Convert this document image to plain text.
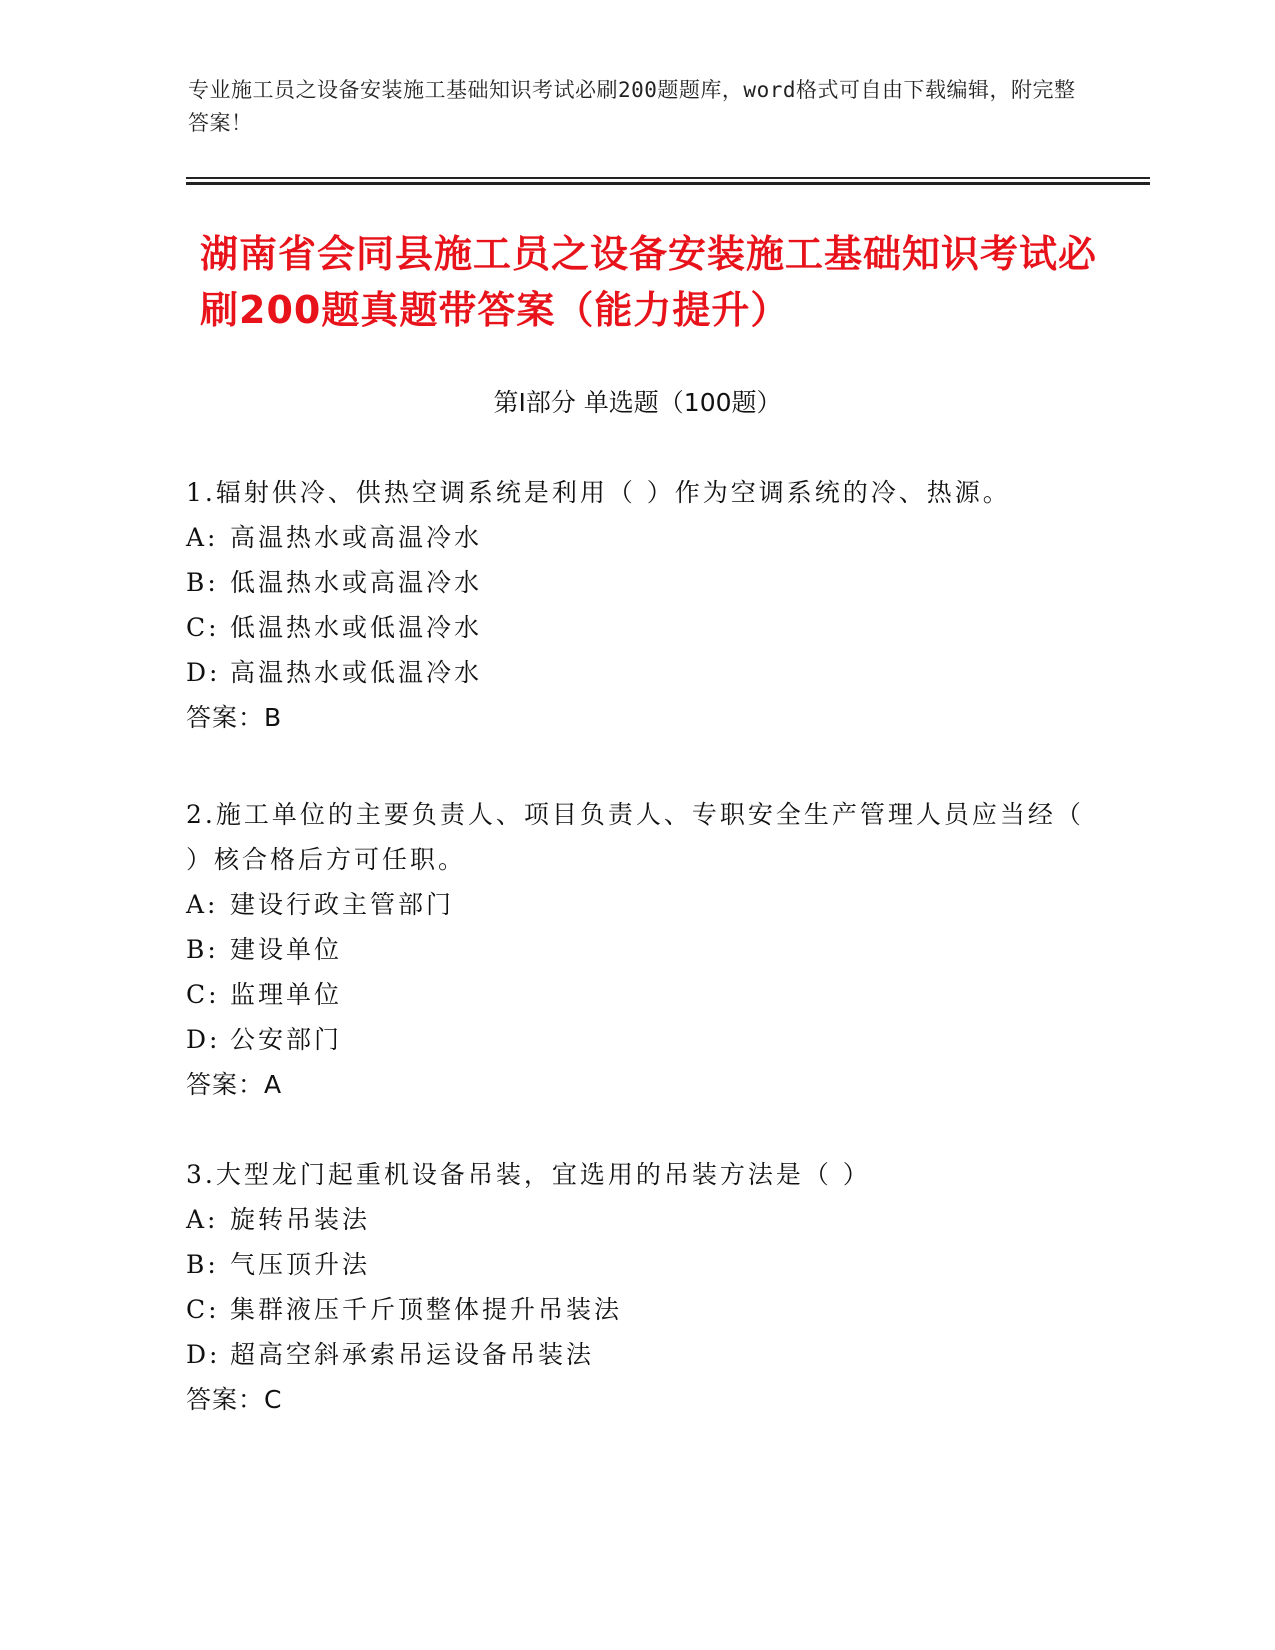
专业施工员之设备安装施工基础知识考试必刷200题题库，word格式可自由下载编辑，附完整答案！
湖南省会同县施工员之设备安装施工基础知识考试必刷200题真题带答案（能力提升）
第I部分 单选题（100题）
1.辐射供冷、供热空调系统是利用（ ）作为空调系统的冷、热源。
A: 高温热水或高温冷水
B: 低温热水或高温冷水
C: 低温热水或低温冷水
D: 高温热水或低温冷水
答案：B
2.施工单位的主要负责人、项目负责人、专职安全生产管理人员应当经（ ）核合格后方可任职。
A: 建设行政主管部门
B: 建设单位
C: 监理单位
D: 公安部门
答案：A
3.大型龙门起重机设备吊装，宜选用的吊装方法是（ ）
A: 旋转吊装法
B: 气压顶升法
C: 集群液压千斤顶整体提升吊装法
D: 超高空斜承索吊运设备吊装法
答案：C
